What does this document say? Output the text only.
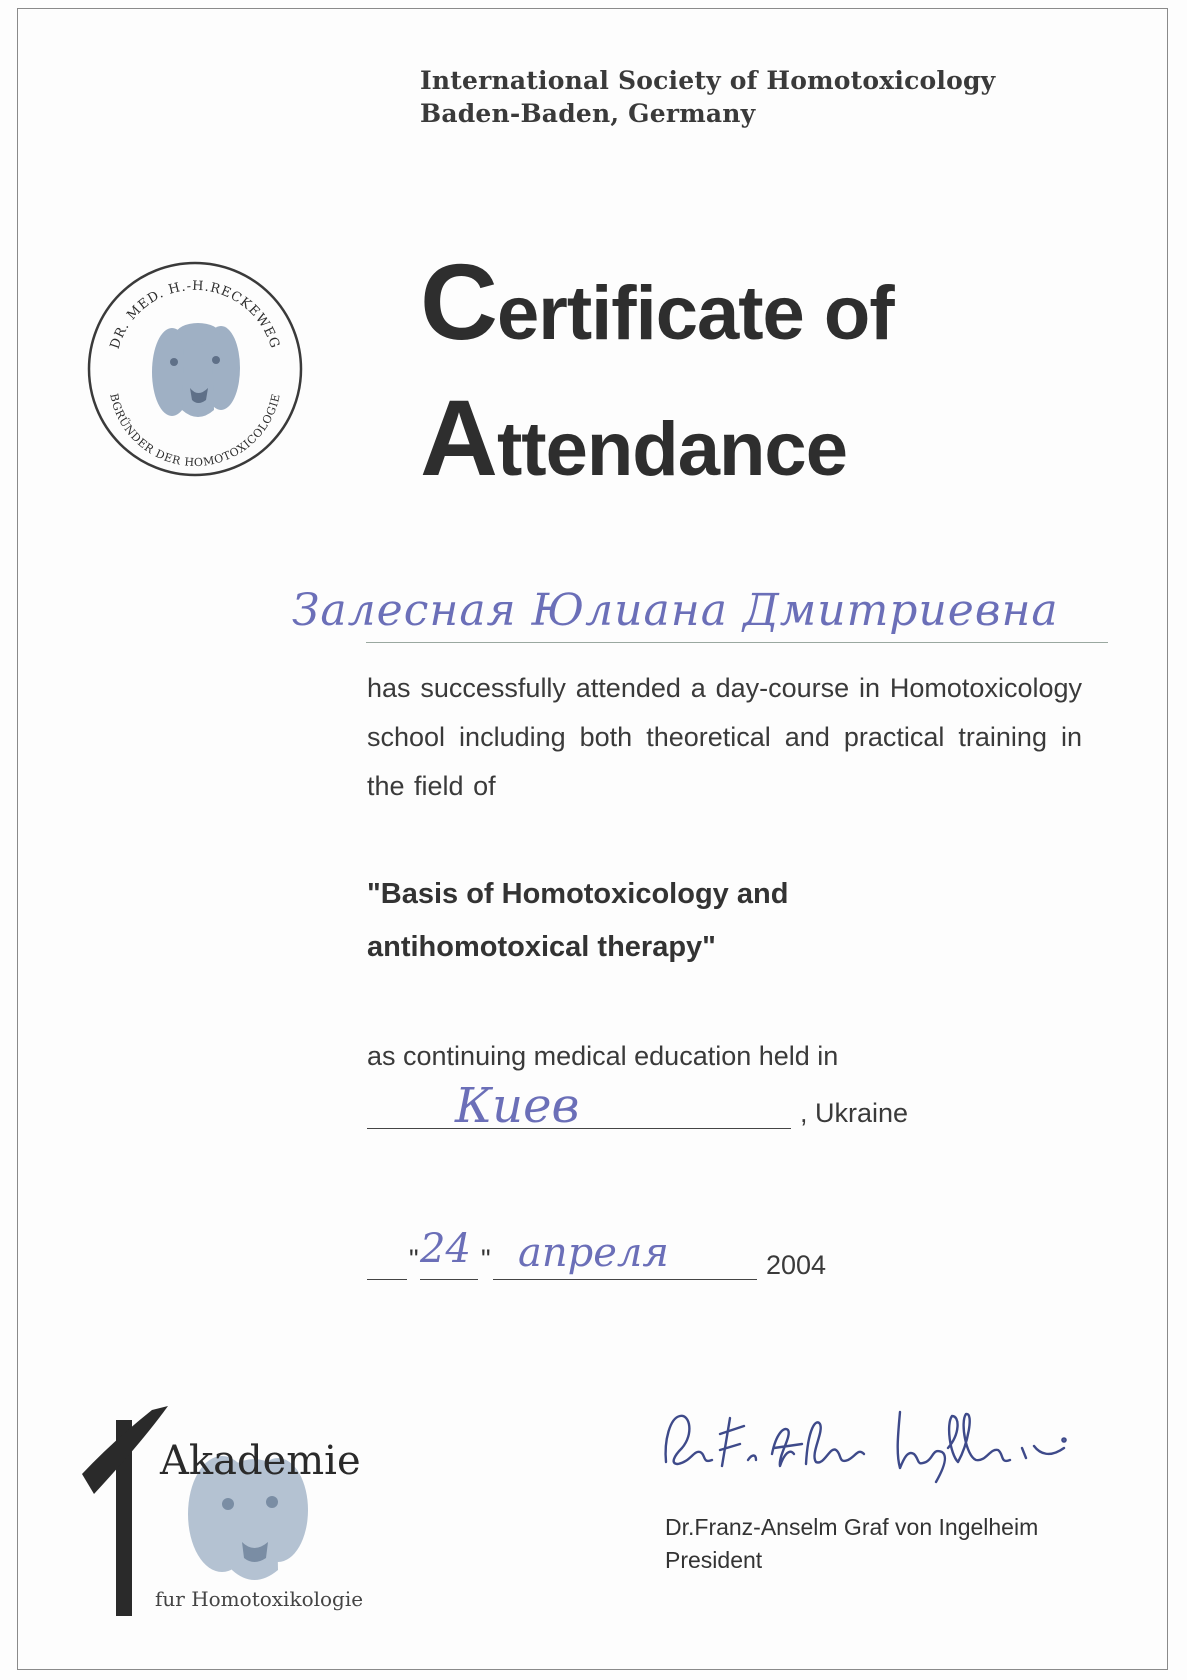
International Society of Homotoxicology
Baden-Baden, Germany
DR. MED. H.-H.RECKEWEG
BGRÜNDER DER HOMOTOXICOLOGIE
Certificate of
Attendance
Залесная Юлиана Дмитриевна
has successfully attended a day-course in Homotoxicology school including both theoretical and practical training in the field of
"Basis of Homotoxicology and
antihomotoxical therapy"
as continuing medical education held in
Киев	, Ukraine
" 24 " апреля	2004
Akademie
fur Homotoxikologie
Dr.Franz-Anselm Graf von Ingelheim
President
